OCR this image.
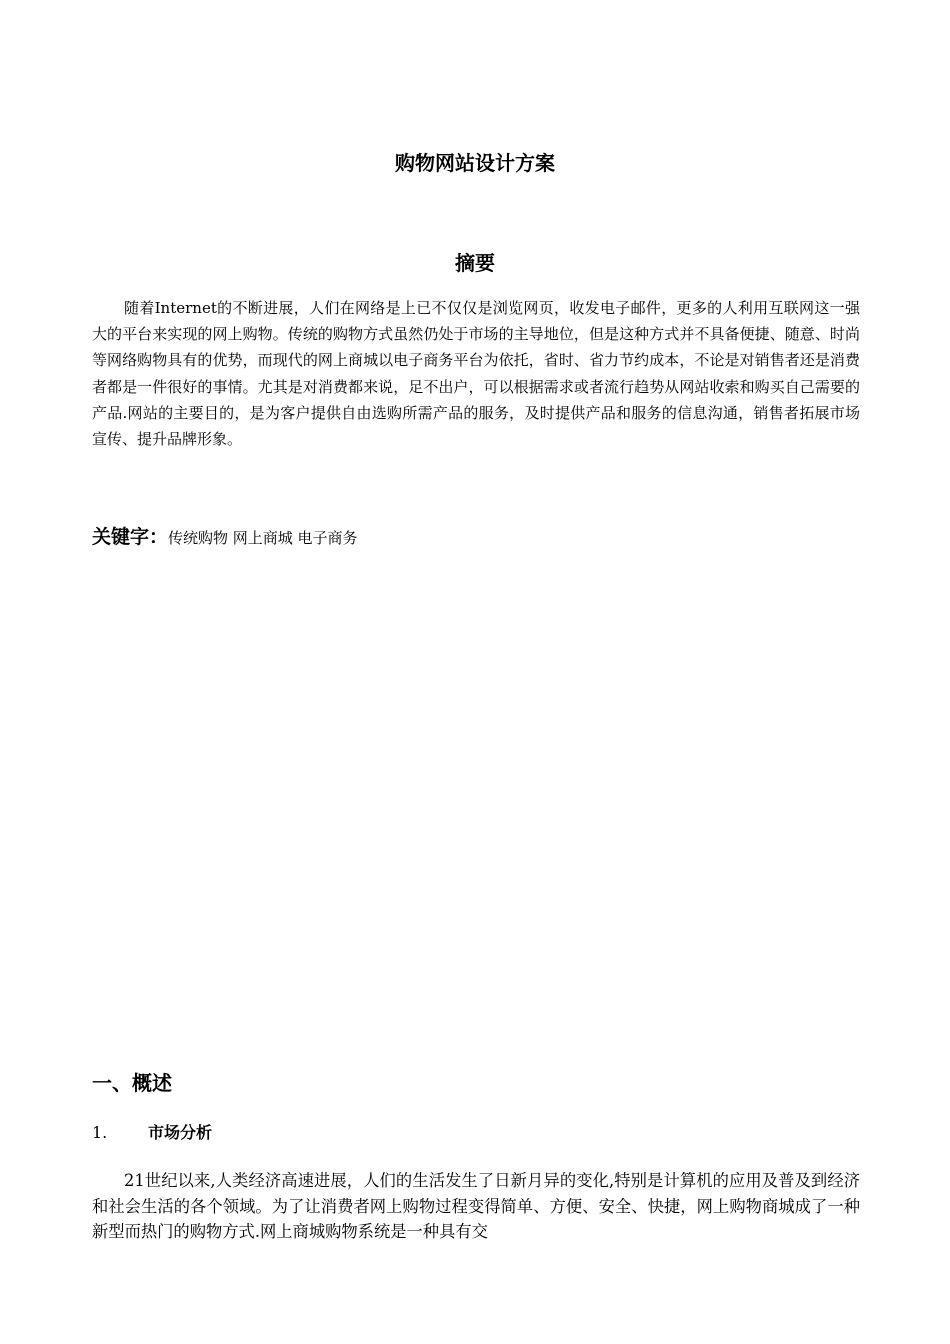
购物网站设计方案
摘要

随着Internet的不断进展，人们在网络是上已不仅仅是浏览网页，收发电子邮件，更多的人利用互联网这一强大的平台来实现的网上购物。传统的购物方式虽然仍处于市场的主导地位，但是这种方式并不具备便捷、随意、时尚等网络购物具有的优势，而现代的网上商城以电子商务平台为依托，省时、省力节约成本，不论是对销售者还是消费者都是一件很好的事情。尤其是对消费都来说，足不出户，可以根据需求或者流行趋势从网站收索和购买自己需要的产品.网站的主要目的，是为客户提供自由选购所需产品的服务，及时提供产品和服务的信息沟通，销售者拓展市场宣传、提升品牌形象。

关键字：传统购物 网上商城 电子商务

一、概述
1.	市场分析

21世纪以来,人类经济高速进展，人们的生活发生了日新月异的变化,特别是计算机的应用及普及到经济和社会生活的各个领域。为了让消费者网上购物过程变得简单、方便、安全、快捷，网上购物商城成了一种新型而热门的购物方式.网上商城购物系统是一种具有交
